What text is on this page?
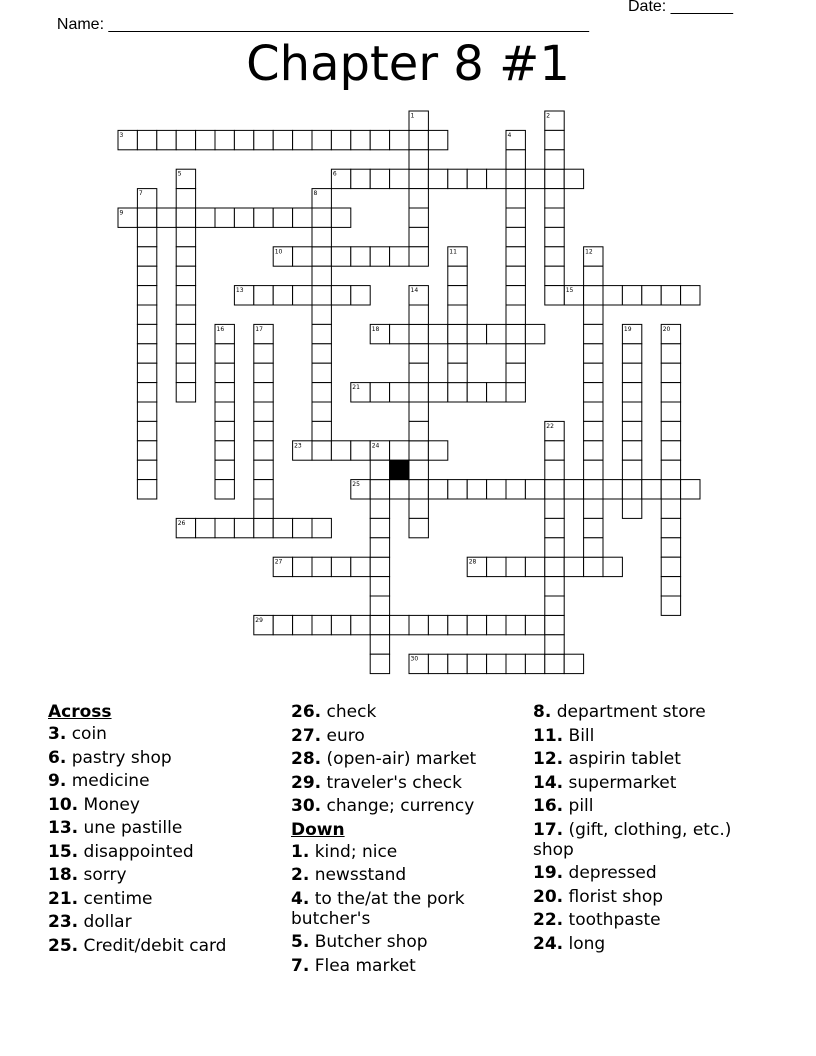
Name: ______________________________________________________

Date: _______

Chapter 8 #1
3
6
9
10
13	15
18
21
23
25
26
27	28
29
30
1	2
4
5
7	8
11	12
14
16	17	19	20
22
24
Across
3. coin
6. pastry shop
9. medicine
10. Money
13. une pastille
15. disappointed
18. sorry
21. centime
23. dollar
25. Credit/debit card
26. check
27. euro
28. (open-air) market
29. traveler's check
30. change; currency
Down
1. kind; nice
2. newsstand
4. to the/at the pork butcher's
5. Butcher shop
7. Flea market
8. department store
11. Bill
12. aspirin tablet
14. supermarket
16. pill
17. (gift, clothing, etc.) shop
19. depressed
20. florist shop
22. toothpaste
24. long
